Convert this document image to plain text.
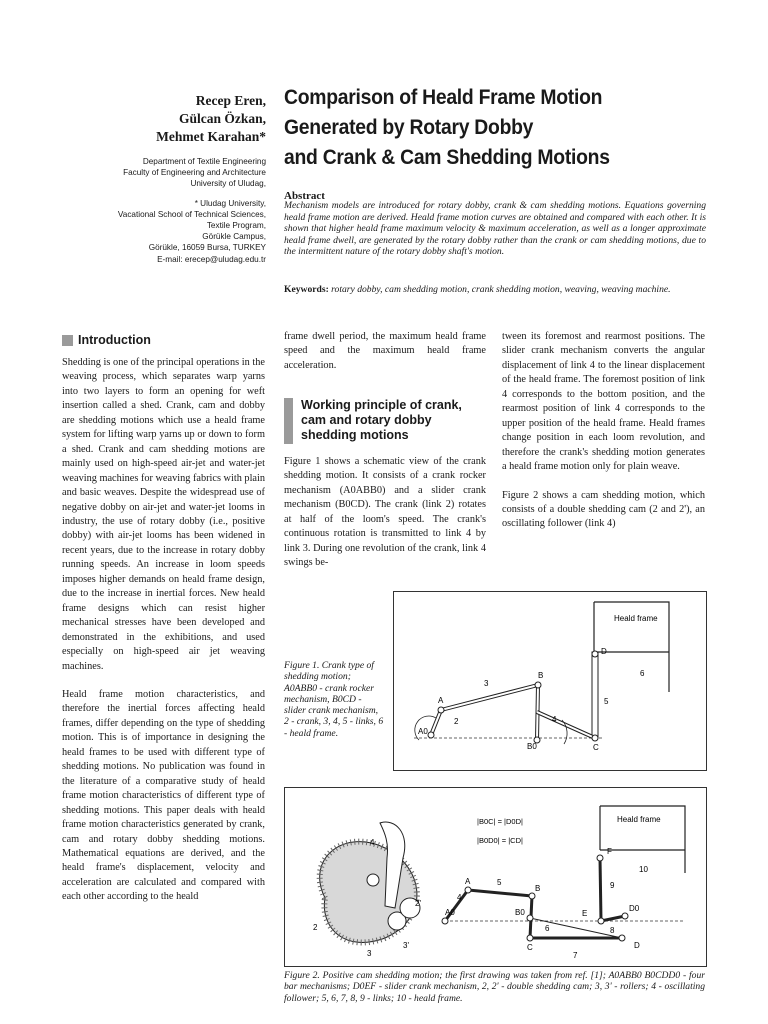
Recep Eren,
Gülcan Özkan,
Mehmet Karahan*
Department of Textile Engineering
Faculty of Engineering and Architecture
University of Uludag,
* Uludag University,
Vacational School of Technical Sciences,
Textile Program,
Görükle Campus,
Görükle, 16059 Bursa, TURKEY
E-mail: erecep@uludag.edu.tr
Comparison of Heald Frame Motion
Generated by Rotary Dobby
and Crank & Cam Shedding Motions
Abstract
Mechanism models are introduced for rotary dobby, crank & cam shedding motions. Equations governing heald frame motion are derived. Heald frame motion curves are obtained and compared with each other. It is shown that higher heald frame maximum velocity & maximum acceleration, as well as a longer approximate heald frame dwell, are generated by the rotary dobby rather than the crank or cam shedding motions, due to the intermittent nature of the rotary dobby shaft's motion.
Keywords: rotary dobby, cam shedding motion, crank shedding motion, weaving, weaving machine.
Introduction

Shedding is one of the principal operations in the weaving process, which separates warp yarns into two layers to form an opening for weft insertion called a shed. Crank, cam and dobby are shedding motions which use a heald frame system for lifting warp yarns up or down to form a shed. Crank and cam shedding motions are mainly used on high-speed air-jet and water-jet weaving machines for weaving fabrics with plain and basic weaves. Despite the widespread use of negative dobby on air-jet and water-jet looms in industry, the use of rotary dobby (i.e., positive dobby) with air-jet looms has been widened in recent years, due to the increase in rotary dobby running speeds. An increase in loom speeds imposes higher demands on heald frame design, due to the increase in inertial forces. New heald frame designs which can resist higher mechanical stresses have been developed and demonstrated in the exhibitions, and used especially on high-speed air jet weaving machines.

Heald frame motion characteristics, and therefore the inertial forces affecting heald frames, differ depending on the type of shedding motion. This is of importance in designing the heald frames to be used with different type of shedding motions. No publication was found in the literature of a comparative study of heald frame motion characteristics of different type of shedding motions. This paper deals with heald frame motion characteristics generated by crank, cam and rotary dobby shedding motions. Mathematical equations are derived, and the heald frame's displacement, velocity and acceleration are calculated and compared with each other according to the heald

frame dwell period, the maximum heald frame speed and the maximum heald frame acceleration.

Working principle of crank, cam and rotary dobby shedding motions

Figure 1 shows a schematic view of the crank shedding motion. It consists of a crank rocker mechanism (A0ABB0) and a slider crank mechanism (B0CD). The crank (link 2) rotates at half of the loom's speed. The crank's continuous rotation is transmitted to link 4 by link 3. During one revolution of the crank, link 4 swings be-

tween its foremost and rearmost positions. The slider crank mechanism converts the angular displacement of link 4 to the linear displacement of the heald frame. The foremost position of link 4 corresponds to the bottom position, and the rearmost position of link 4 corresponds to the upper position of the heald frame. Heald frames change position in each loom revolution, and therefore the crank's shedding motion generates a heald frame motion only for plain weave.

Figure 2 shows a cam shedding motion, which consists of a double shedding cam (2 and 2'), an oscillating follower (link 4)

Figure 1. Crank type of shedding motion; A0ABB0 - crank rocker mechanism, B0CD - slider crank mechanism, 2 - crank, 3, 4, 5 - links, 6 - heald frame.
Heald frame
A
A0
B
B0	C
D
2
3
4
5
6
4
2
2'
3
3'
|B0C| = |D0D|
|B0D0| = |CD|
Heald frame
A
A0
B
B0
C	D
D0
E
F
4
5
6
7
8
9
10
Figure 2. Positive cam shedding motion; the first drawing was taken from ref. [1]; A0ABB0 B0CDD0 - four bar mechanisms; D0EF - slider crank mechanism, 2, 2' - double shedding cam; 3, 3' - rollers; 4 - oscillating follower; 5, 6, 7, 8, 9 - links; 10 - heald frame.
